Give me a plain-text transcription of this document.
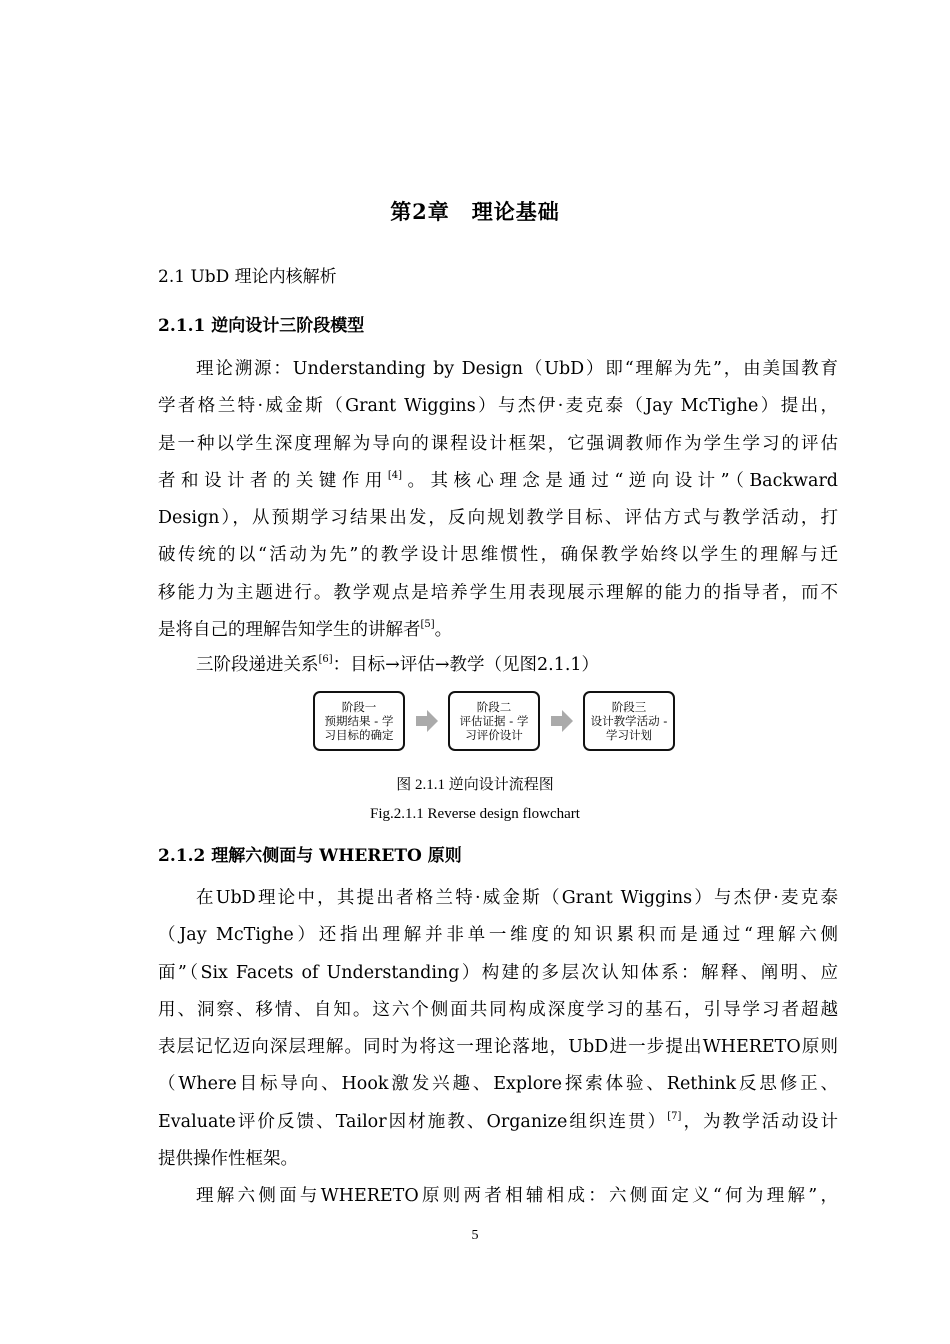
第2章　理论基础
2.1 UbD 理论内核解析
2.1.1 逆向设计三阶段模型
理论溯源：Understanding by Design（UbD）即“理解为先”，由美国教育
学者格兰特·威金斯（Grant Wiggins）与杰伊·麦克泰（Jay McTighe）提出，
是一种以学生深度理解为导向的课程设计框架，它强调教师作为学生学习的评估
者和设计者的关键作用[4]。其核心理念是通过“逆向设计”（Backward
Design），从预期学习结果出发，反向规划教学目标、评估方式与教学活动，打
破传统的以“活动为先”的教学设计思维惯性，确保教学始终以学生的理解与迁
移能力为主题进行。教学观点是培养学生用表现展示理解的能力的指导者，而不
是将自己的理解告知学生的讲解者[5]。
三阶段递进关系[6]：目标→评估→教学（见图2.1.1）
阶段一
预期结果 - 学习目标的确定
阶段二
评估证据 - 学习评价设计
阶段三
设计教学活动 - 学习计划
图 2.1.1 逆向设计流程图
Fig.2.1.1 Reverse design flowchart
2.1.2 理解六侧面与 WHERETO 原则
在UbD理论中，其提出者格兰特·威金斯（Grant Wiggins）与杰伊·麦克泰
（Jay McTighe）还指出理解并非单一维度的知识累积而是通过“理解六侧
面”（Six Facets of Understanding）构建的多层次认知体系：解释、阐明、应
用、洞察、移情、自知。这六个侧面共同构成深度学习的基石，引导学习者超越
表层记忆迈向深层理解。同时为将这一理论落地，UbD进一步提出WHERETO原则
（Where目标导向、Hook激发兴趣、Explore探索体验、Rethink反思修正、
Evaluate评价反馈、Tailor因材施教、Organize组织连贯）[7]，为教学活动设计
提供操作性框架。
理解六侧面与WHERETO原则两者相辅相成：六侧面定义“何为理解”，
5
